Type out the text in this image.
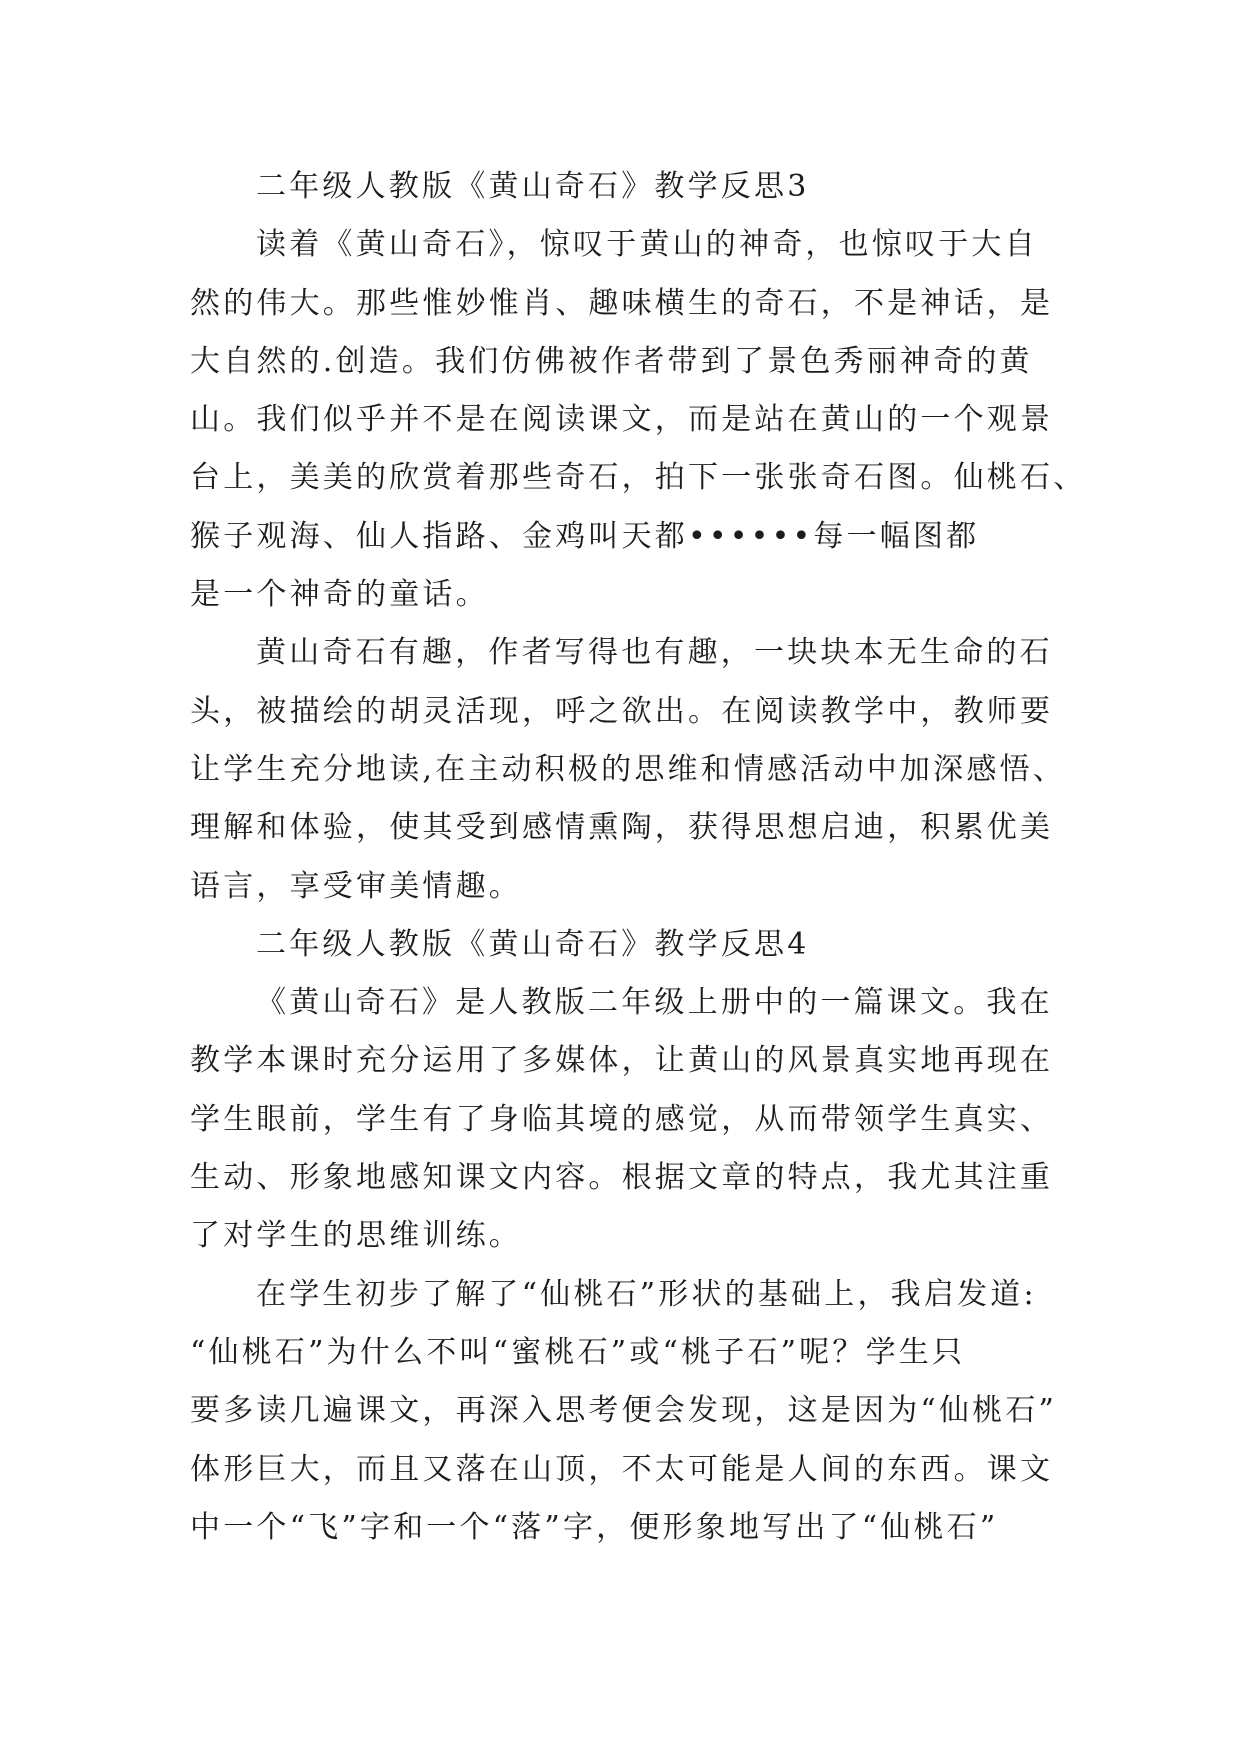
二年级人教版《黄山奇石》教学反思3
读着《黄山奇石》，惊叹于黄山的神奇，也惊叹于大自
然的伟大。那些惟妙惟肖、趣味横生的奇石，不是神话，是
大自然的.创造。我们仿佛被作者带到了景色秀丽神奇的黄
山。我们似乎并不是在阅读课文，而是站在黄山的一个观景
台上，美美的欣赏着那些奇石，拍下一张张奇石图。仙桃石、
猴子观海、仙人指路、金鸡叫天都••••••每一幅图都
是一个神奇的童话。
黄山奇石有趣，作者写得也有趣，一块块本无生命的石
头，被描绘的胡灵活现，呼之欲出。在阅读教学中，教师要
让学生充分地读,在主动积极的思维和情感活动中加深感悟、
理解和体验，使其受到感情熏陶，获得思想启迪，积累优美
语言，享受审美情趣。
二年级人教版《黄山奇石》教学反思4
《黄山奇石》是人教版二年级上册中的一篇课文。我在
教学本课时充分运用了多媒体，让黄山的风景真实地再现在
学生眼前，学生有了身临其境的感觉，从而带领学生真实、
生动、形象地感知课文内容。根据文章的特点，我尤其注重
了对学生的思维训练。
在学生初步了解了“仙桃石”形状的基础上，我启发道:
“仙桃石”为什么不叫“蜜桃石”或“桃子石”呢？学生只
要多读几遍课文，再深入思考便会发现，这是因为“仙桃石”
体形巨大，而且又落在山顶，不太可能是人间的东西。课文
中一个“飞”字和一个“落”字，便形象地写出了“仙桃石”
